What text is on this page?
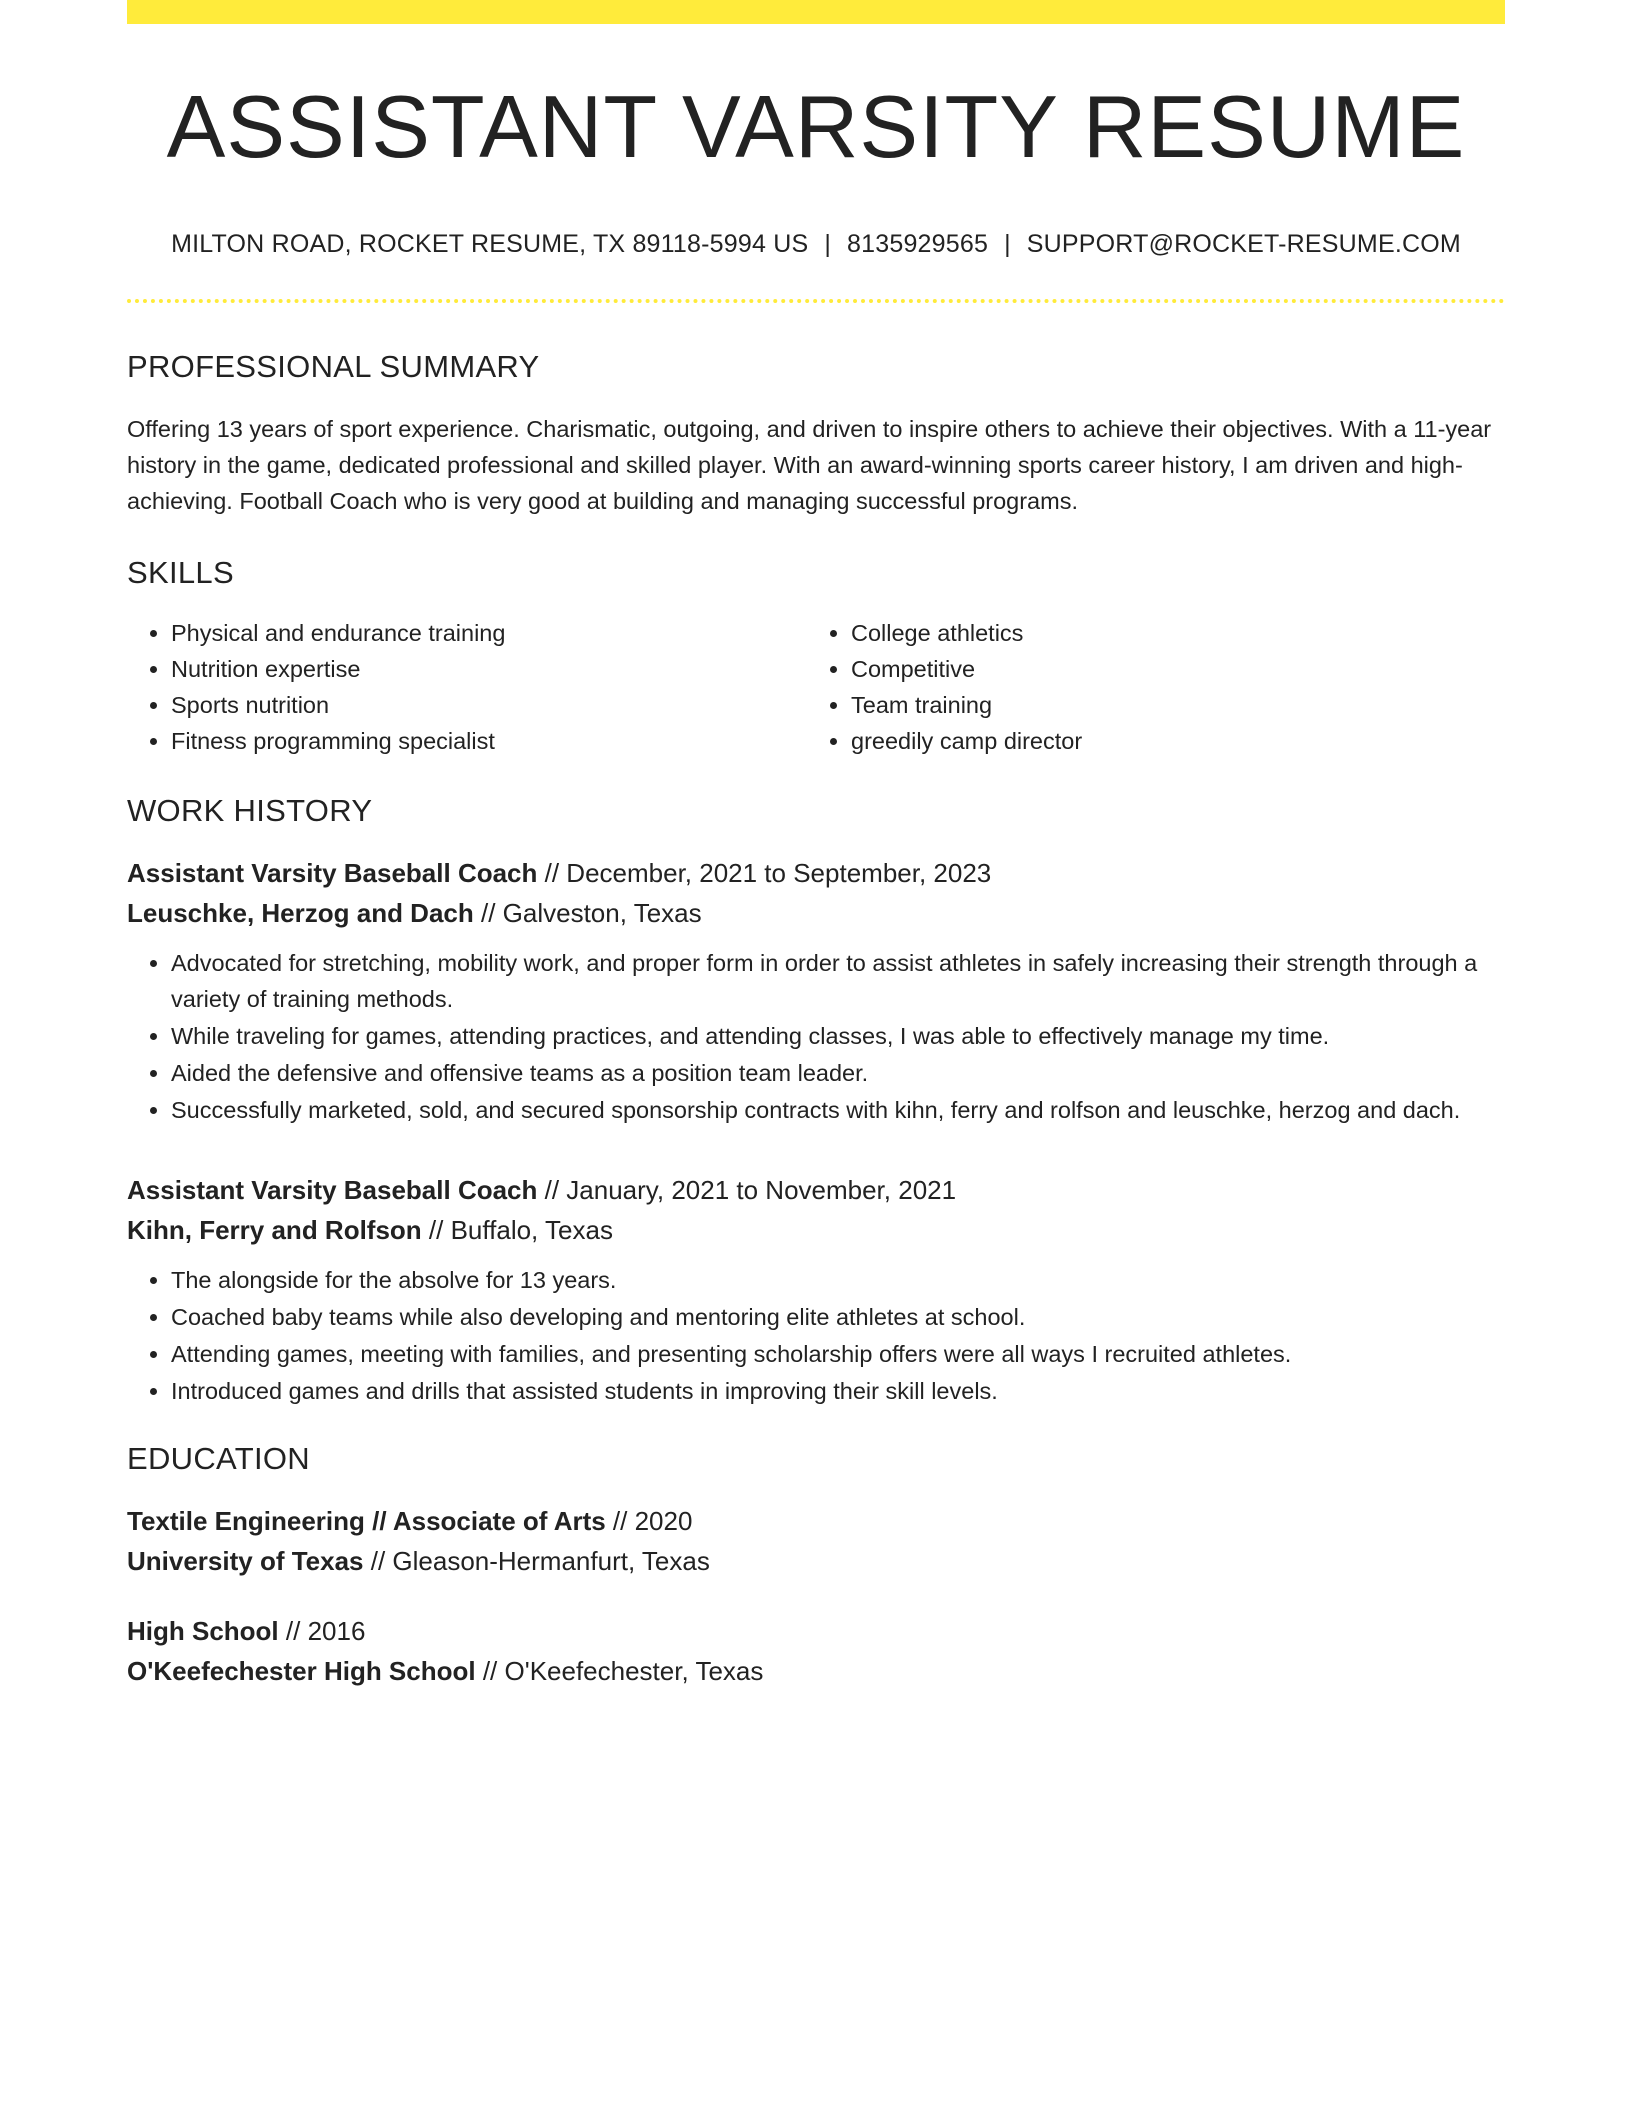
ASSISTANT VARSITY RESUME
MILTON ROAD, ROCKET RESUME, TX 89118-5994 US | 8135929565 | SUPPORT@ROCKET-RESUME.COM
PROFESSIONAL SUMMARY
Offering 13 years of sport experience. Charismatic, outgoing, and driven to inspire others to achieve their objectives. With a 11-year history in the game, dedicated professional and skilled player. With an award-winning sports career history, I am driven and high-achieving. Football Coach who is very good at building and managing successful programs.
SKILLS
• Physical and endurance training
• Nutrition expertise
• Sports nutrition
• Fitness programming specialist
• College athletics
• Competitive
• Team training
• greedily camp director
WORK HISTORY
Assistant Varsity Baseball Coach // December, 2021 to September, 2023
Leuschke, Herzog and Dach // Galveston, Texas
• Advocated for stretching, mobility work, and proper form in order to assist athletes in safely increasing their strength through a variety of training methods.
• While traveling for games, attending practices, and attending classes, I was able to effectively manage my time.
• Aided the defensive and offensive teams as a position team leader.
• Successfully marketed, sold, and secured sponsorship contracts with kihn, ferry and rolfson and leuschke, herzog and dach.
Assistant Varsity Baseball Coach // January, 2021 to November, 2021
Kihn, Ferry and Rolfson // Buffalo, Texas
• The alongside for the absolve for 13 years.
• Coached baby teams while also developing and mentoring elite athletes at school.
• Attending games, meeting with families, and presenting scholarship offers were all ways I recruited athletes.
• Introduced games and drills that assisted students in improving their skill levels.
EDUCATION
Textile Engineering // Associate of Arts // 2020
University of Texas // Gleason-Hermanfurt, Texas
High School // 2016
O'Keefechester High School // O'Keefechester, Texas
